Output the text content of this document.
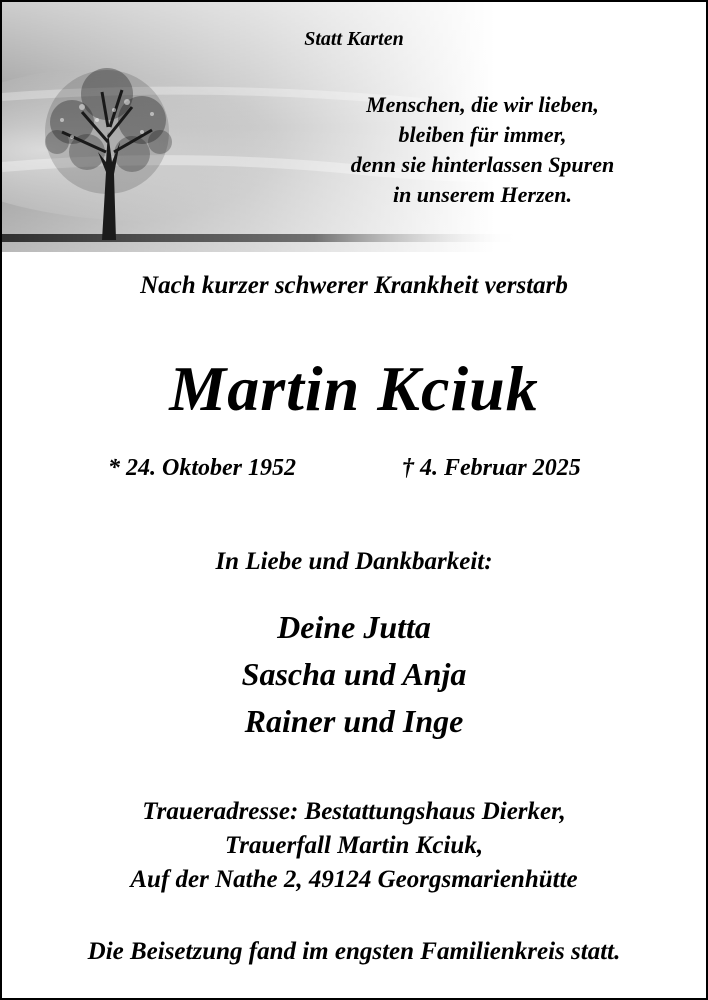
Statt Karten
Menschen, die wir lieben,
bleiben für immer,
denn sie hinterlassen Spuren
in unserem Herzen.
Nach kurzer schwerer Krankheit verstarb
Martin Kciuk
* 24. Oktober 1952	† 4. Februar 2025
In Liebe und Dankbarkeit:
Deine Jutta
Sascha und Anja
Rainer und Inge
Traueradresse: Bestattungshaus Dierker,
Trauerfall Martin Kciuk,
Auf der Nathe 2, 49124 Georgsmarienhütte
Die Beisetzung fand im engsten Familienkreis statt.
